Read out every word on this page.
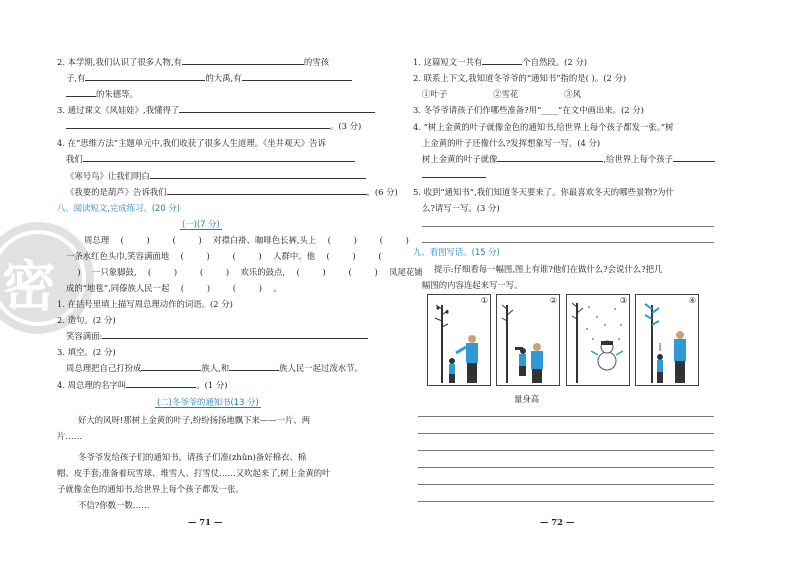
密
2. 本学期,我们认识了很多人物,有	的雪孩
子,有	的大禹,有
的朱德等。
3. 通过课文《风娃娃》,我懂得了
。(3 分)
4. 在“思维方法”主题单元中,我们收获了很多人生道理。《坐井观天》告诉
我们
《寒号鸟》让我们明白
《我要的是葫芦》告诉我们	。(6 分)
八、阅读短文,完成练习。(20 分)
(一)(7 分)
周总理 (	)	(	) 对襟白褂、咖啡色长裤,头上 (	)	(	)
一条水红色头巾,笑容满面地 (	)	(	) 人群中。他 (	)	(
) 一只象脚鼓, (	)	(	) 欢乐的鼓点, (	)	(	) 凤尾花铺
成的“地毯”,同傣族人民一起 (	)	(	) 。
1. 在括号里填上描写周总理动作的词语。(2 分)
2. 造句。(2 分)
笑容满面:
3. 填空。(2 分)
周总理把自己打扮成	族人,和	族人民一起过泼水节。
4. 周总理的名字叫	。(1 分)
(二)冬爷爷的通知书(13 分)
好大的风呀!那树上金黄的叶子,纷纷扬扬地飘下来——一片、两
片……
冬爷爷发给孩子们的通知书。请孩子们准(zhǔn)备好棉衣、棉
帽、皮手套;准备着玩雪球、堆雪人、打雪仗……又吹起来了,树上金黄的叶
子就像金色的通知书,给世界上每个孩子都发一张。
不信?你数一数……
— 71 —
1. 这篇短文一共有	个自然段。(2 分)
2. 联系上下文,我知道冬爷爷的“通知书”指的是( )。(2 分)
①叶子	②雪花	③风
3. 冬爷爷请孩子们作哪些准备?用“____”在文中画出来。(2 分)
4. “树上金黄的叶子就像金色的通知书,给世界上每个孩子都发一张。”树
上金黄的叶子还像什么?发挥想象写一写。(4 分)
树上金黄的叶子就像	,给世界上每个孩子
5. 收到“通知书”,我们知道冬天要来了。你最喜欢冬天的哪些景物?为什
么?请写一写。(3 分)
九、看图写话。(15 分)
提示:仔细看每一幅图,图上有谁?他们在做什么?会说什么?把几
幅图的内容连起来写一写。
①	②	③	④
量身高
— 72 —
